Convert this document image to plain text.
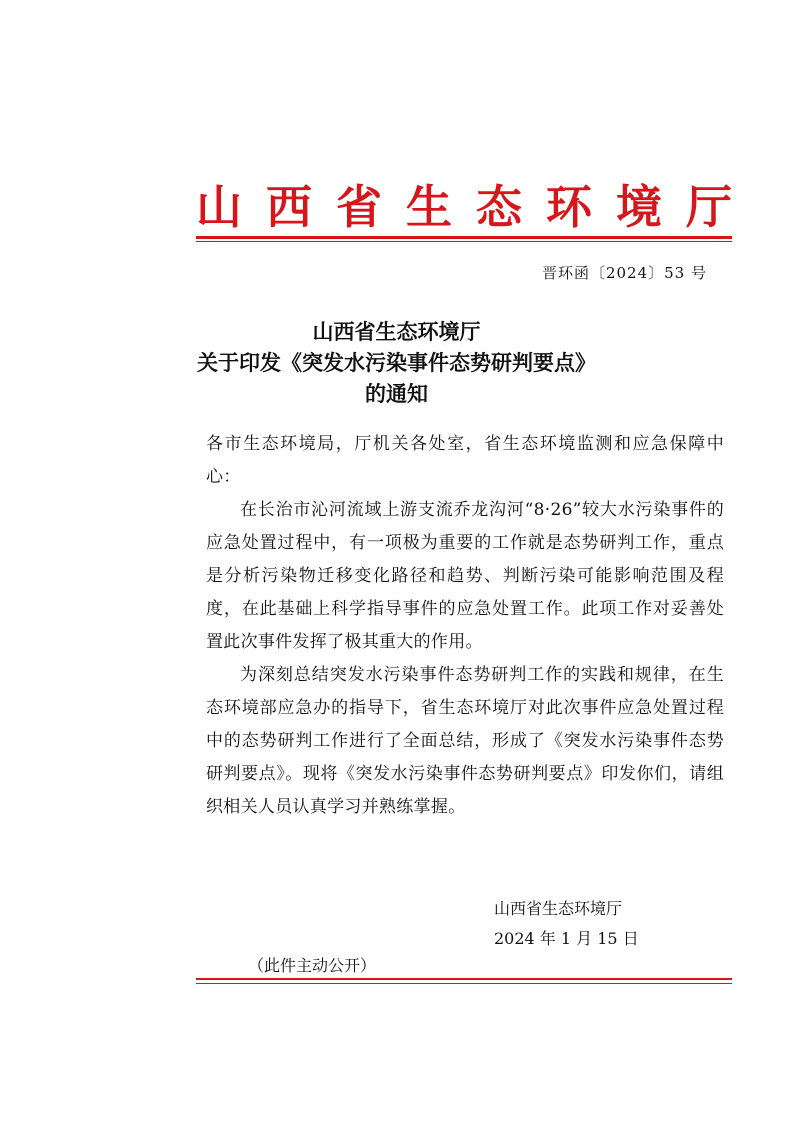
山 西 省 生 态 环 境 厅
晋环函〔2024〕53 号
山西省生态环境厅
关于印发《突发水污染事件态势研判要点》
的通知

各市生态环境局，厅机关各处室，省生态环境监测和应急保障中心：

在长治市沁河流域上游支流乔龙沟河“8·26”较大水污染事件的应急处置过程中，有一项极为重要的工作就是态势研判工作，重点是分析污染物迁移变化路径和趋势、判断污染可能影响范围及程度，在此基础上科学指导事件的应急处置工作。此项工作对妥善处置此次事件发挥了极其重大的作用。

为深刻总结突发水污染事件态势研判工作的实践和规律，在生态环境部应急办的指导下，省生态环境厅对此次事件应急处置过程中的态势研判工作进行了全面总结，形成了《突发水污染事件态势研判要点》。现将《突发水污染事件态势研判要点》印发你们，请组织相关人员认真学习并熟练掌握。

山西省生态环境厅
2024 年 1 月 15 日
（此件主动公开）
